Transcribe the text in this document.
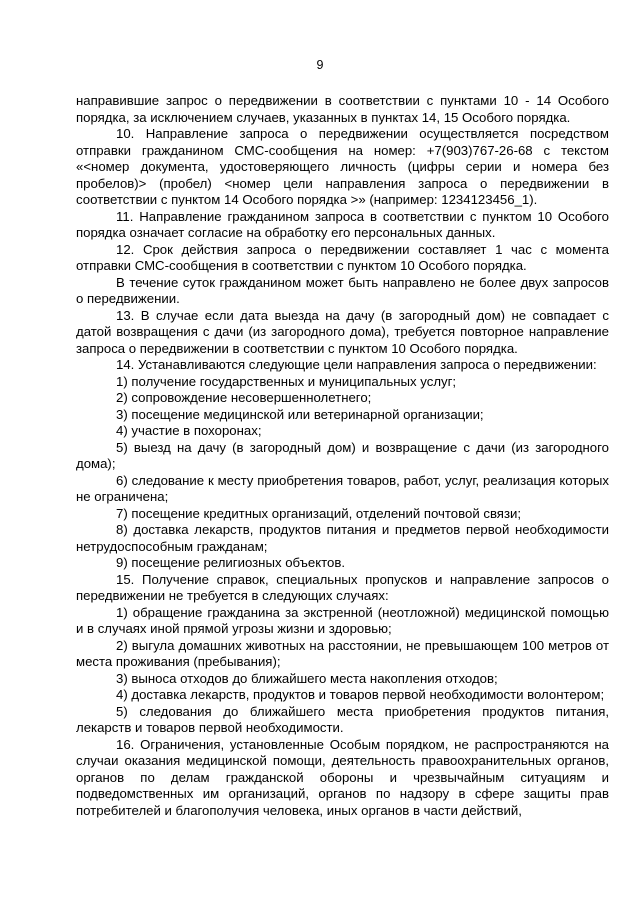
9

направившие запрос о передвижении в соответствии с пунктами 10 - 14 Особого порядка, за исключением случаев, указанных в пунктах 14, 15 Особого порядка.

10. Направление запроса о передвижении осуществляется посредством отправки гражданином СМС-сообщения на номер: +7(903)767-26-68 с текстом «<номер документа, удостоверяющего личность (цифры серии и номера без пробелов)> (пробел) <номер цели направления запроса о передвижении в соответствии с пунктом 14 Особого порядка >» (например: 1234123456_1).

11. Направление гражданином запроса в соответствии с пунктом 10 Особого порядка означает согласие на обработку его персональных данных.

12. Срок действия запроса о передвижении составляет 1 час с момента отправки СМС-сообщения в соответствии с пунктом 10 Особого порядка.

В течение суток гражданином может быть направлено не более двух запросов о передвижении.

13. В случае если дата выезда на дачу (в загородный дом) не совпадает с датой возвращения с дачи (из загородного дома), требуется повторное направление запроса о передвижении в соответствии с пунктом 10 Особого порядка.

14. Устанавливаются следующие цели направления запроса о передвижении:

1) получение государственных и муниципальных услуг;

2) сопровождение несовершеннолетнего;

3) посещение медицинской или ветеринарной организации;

4) участие в похоронах;

5) выезд на дачу (в загородный дом) и возвращение с дачи (из загородного дома);

6) следование к месту приобретения товаров, работ, услуг, реализация которых не ограничена;

7) посещение кредитных организаций, отделений почтовой связи;

8) доставка лекарств, продуктов питания и предметов первой необходимости нетрудоспособным гражданам;

9) посещение религиозных объектов.

15. Получение справок, специальных пропусков и направление запросов о передвижении не требуется в следующих случаях:

1) обращение гражданина за экстренной (неотложной) медицинской помощью и в случаях иной прямой угрозы жизни и здоровью;

2) выгула домашних животных на расстоянии, не превышающем 100 метров от места проживания (пребывания);

3) выноса отходов до ближайшего места накопления отходов;

4) доставка лекарств, продуктов и товаров первой необходимости волонтером;

5) следования до ближайшего места приобретения продуктов питания, лекарств и товаров первой необходимости.

16. Ограничения, установленные Особым порядком, не распространяются на случаи оказания медицинской помощи, деятельность правоохранительных органов, органов по делам гражданской обороны и чрезвычайным ситуациям и подведомственных им организаций, органов по надзору в сфере защиты прав потребителей и благополучия человека, иных органов в части действий,
